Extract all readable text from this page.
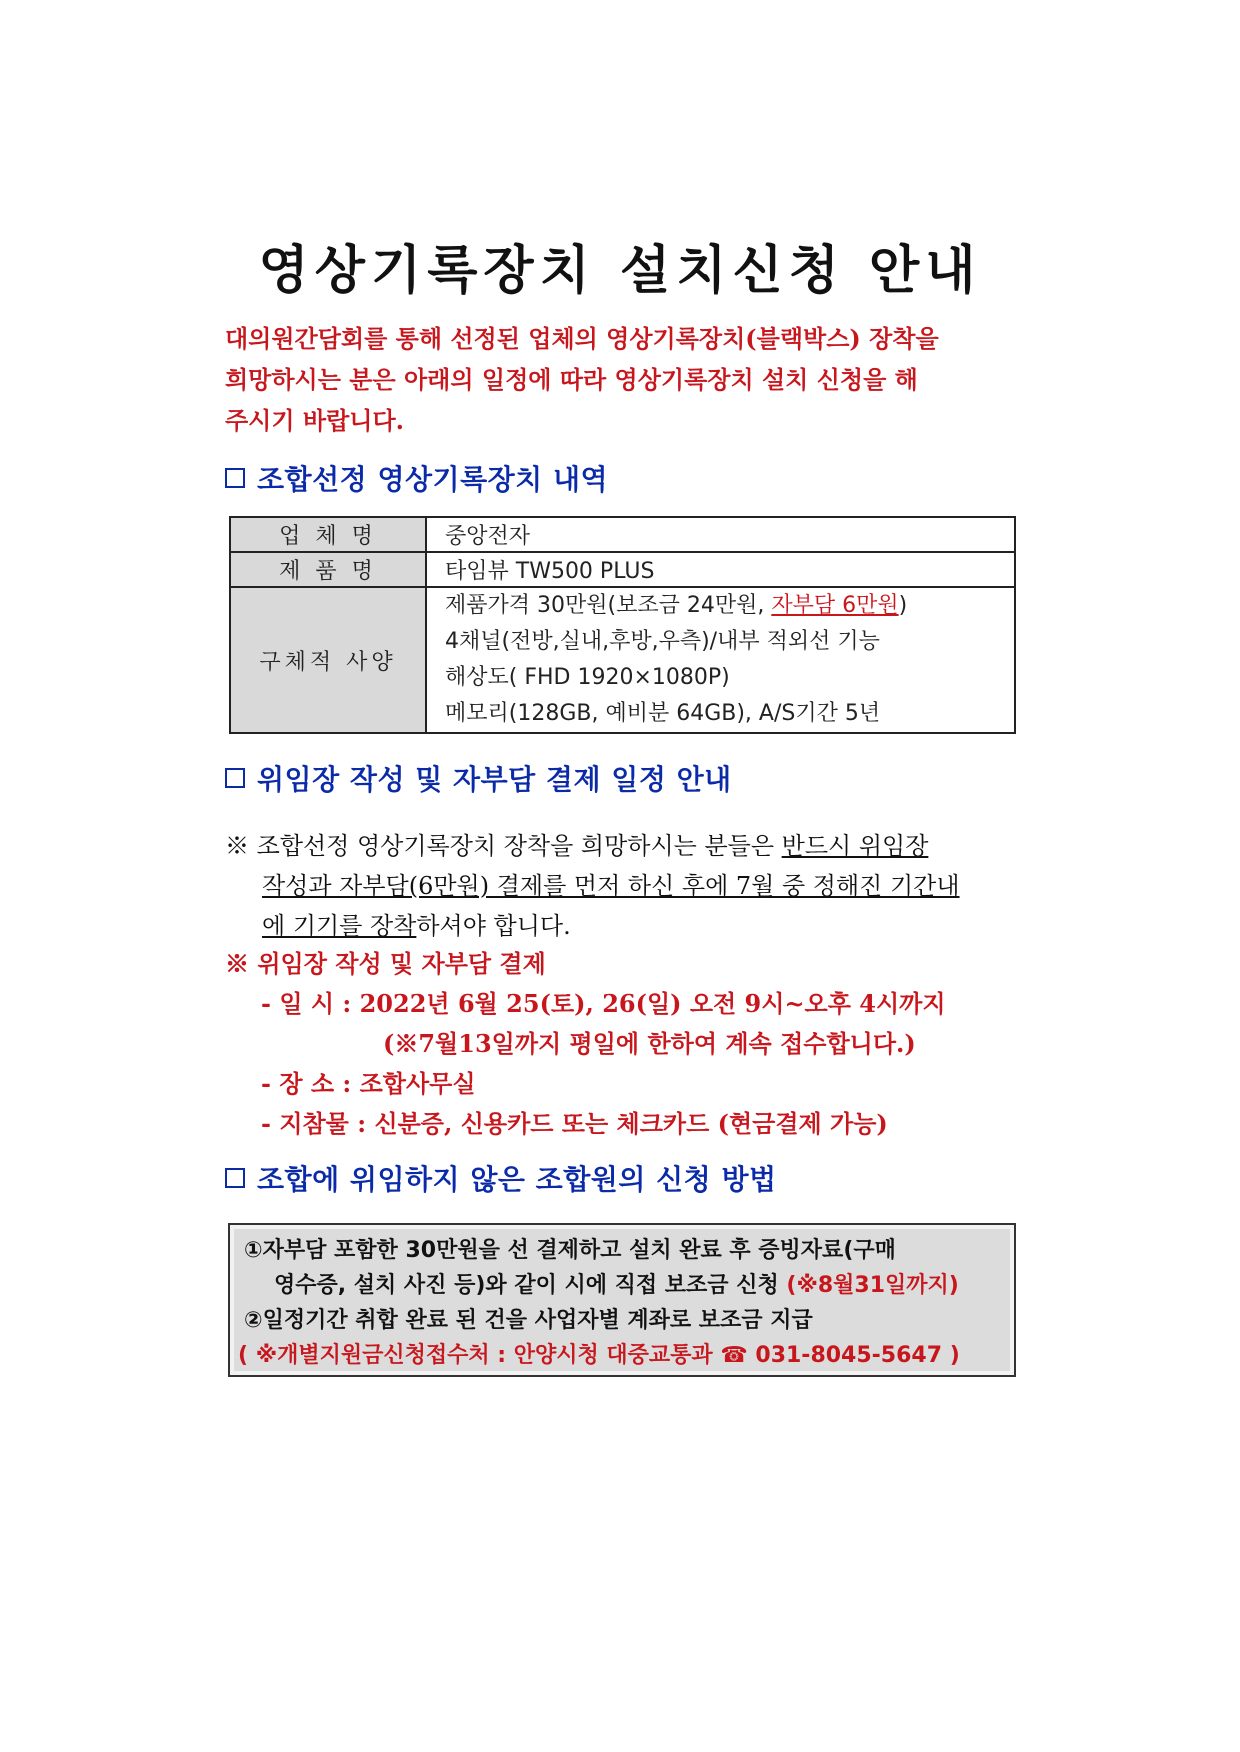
영상기록장치 설치신청 안내
대의원간담회를 통해 선정된 업체의 영상기록장치(블랙박스) 장착을
희망하시는 분은 아래의 일정에 따라 영상기록장치 설치 신청을 해
주시기 바랍니다.
조합선정 영상기록장치 내역
업 체 명	중앙전자
제 품 명	타임뷰 TW500 PLUS
구체적 사양	제품가격 30만원(보조금 24만원, 자부담 6만원)
4채널(전방,실내,후방,우측)/내부 적외선 기능
해상도( FHD 1920×1080P)
메모리(128GB, 예비분 64GB), A/S기간 5년
위임장 작성 및 자부담 결제 일정 안내
※ 조합선정 영상기록장치 장착을 희망하시는 분들은 반드시 위임장
작성과 자부담(6만원) 결제를 먼저 하신 후에 7월 중 정해진 기간내
에 기기를 장착하셔야 합니다.
※ 위임장 작성 및 자부담 결제
- 일 시 : 2022년 6월 25(토), 26(일) 오전 9시~오후 4시까지
(※7월13일까지 평일에 한하여 계속 접수합니다.)
- 장 소 : 조합사무실
- 지참물 : 신분증, 신용카드 또는 체크카드 (현금결제 가능)
조합에 위임하지 않은 조합원의 신청 방법
①자부담 포함한 30만원을 선 결제하고 설치 완료 후 증빙자료(구매
영수증, 설치 사진 등)와 같이 시에 직접 보조금 신청 (※8월31일까지)
②일정기간 취합 완료 된 건을 사업자별 계좌로 보조금 지급
( ※개별지원금신청접수처 : 안양시청 대중교통과 ☎ 031-8045-5647 )
